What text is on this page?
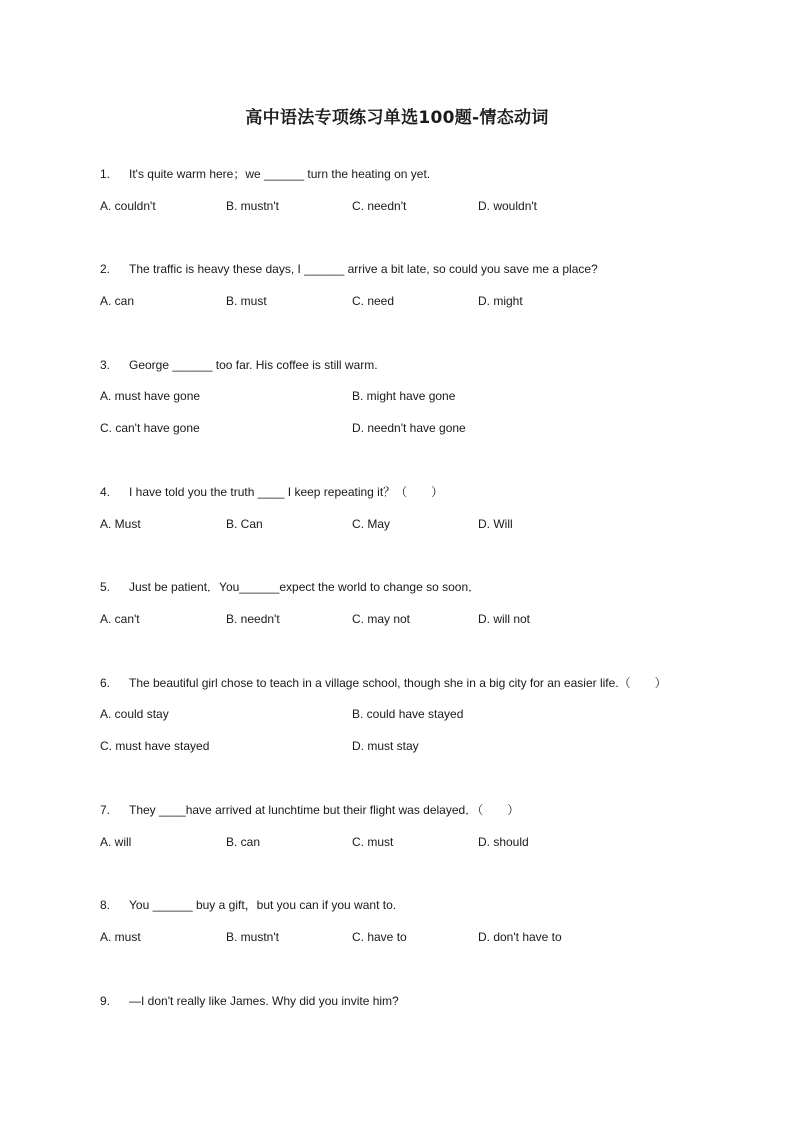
高中语法专项练习单选100题-情态动词
1. It's quite warm here；we ______ turn the heating on yet.
A. couldn't	B. mustn't	C. needn't	D. wouldn't
2. The traffic is heavy these days, I ______ arrive a bit late, so could you save me a place?
A. can	B. must	C. need	D. might
3. George ______ too far. His coffee is still warm.
A. must have gone	B. might have gone
C. can't have gone	D. needn't have gone
4. I have told you the truth ____ I keep repeating it？（　　）
A. Must	B. Can	C. May	D. Will
5. Just be patient．You______expect the world to change so soon．
A. can't	B. needn't	C. may not	D. will not
6. The beautiful girl chose to teach in a village school, though she in a big city for an easier life.（　　）
A. could stay	B. could have stayed
C. must have stayed	D. must stay
7. They ____have arrived at lunchtime but their flight was delayed．（　　）
A. will	B. can	C. must	D. should
8. You ______ buy a gift，but you can if you want to.
A. must	B. mustn't	C. have to	D. don't have to
9. —I don't really like James. Why did you invite him?
